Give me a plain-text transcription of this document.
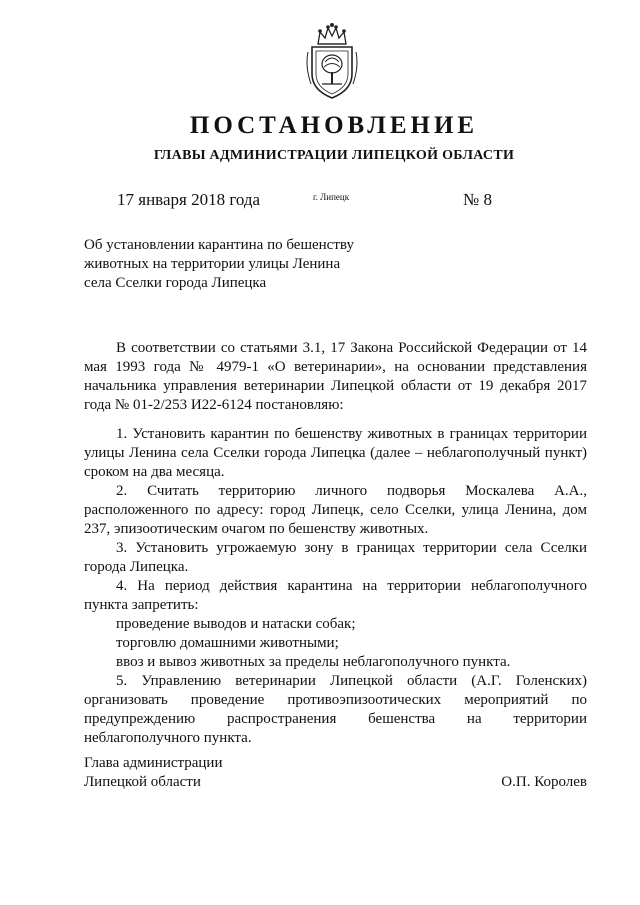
ПОСТАНОВЛЕНИЕ
ГЛАВЫ АДМИНИСТРАЦИИ ЛИПЕЦКОЙ ОБЛАСТИ
17 января 2018 года	г. Липецк	№ 8
Об установлении карантина по бешенству
животных на территории улицы Ленина
села Сселки города Липецка

В соответствии со статьями 3.1, 17 Закона Российской Федерации от 14 мая 1993 года № 4979-1 «О ветеринарии», на основании представления начальника управления ветеринарии Липецкой области от 19 декабря 2017 года № 01-2/253 И22-6124 постановляю:

1. Установить карантин по бешенству животных в границах территории улицы Ленина села Сселки города Липецка (далее – неблагополучный пункт) сроком на два месяца.

2. Считать территорию личного подворья Москалева А.А., расположенного по адресу: город Липецк, село Сселки, улица Ленина, дом 237, эпизоотическим очагом по бешенству животных.

3. Установить угрожаемую зону в границах территории села Сселки города Липецка.

4. На период действия карантина на территории неблагополучного пункта запретить:

проведение выводов и натаски собак;

торговлю домашними животными;

ввоз и вывоз животных за пределы неблагополучного пункта.

5. Управлению ветеринарии Липецкой области (А.Г. Голенских) организовать проведение противоэпизоотических мероприятий по предупреждению распространения бешенства на территории неблагополучного пункта.

Глава администрации
Липецкой области	О.П. Королев
